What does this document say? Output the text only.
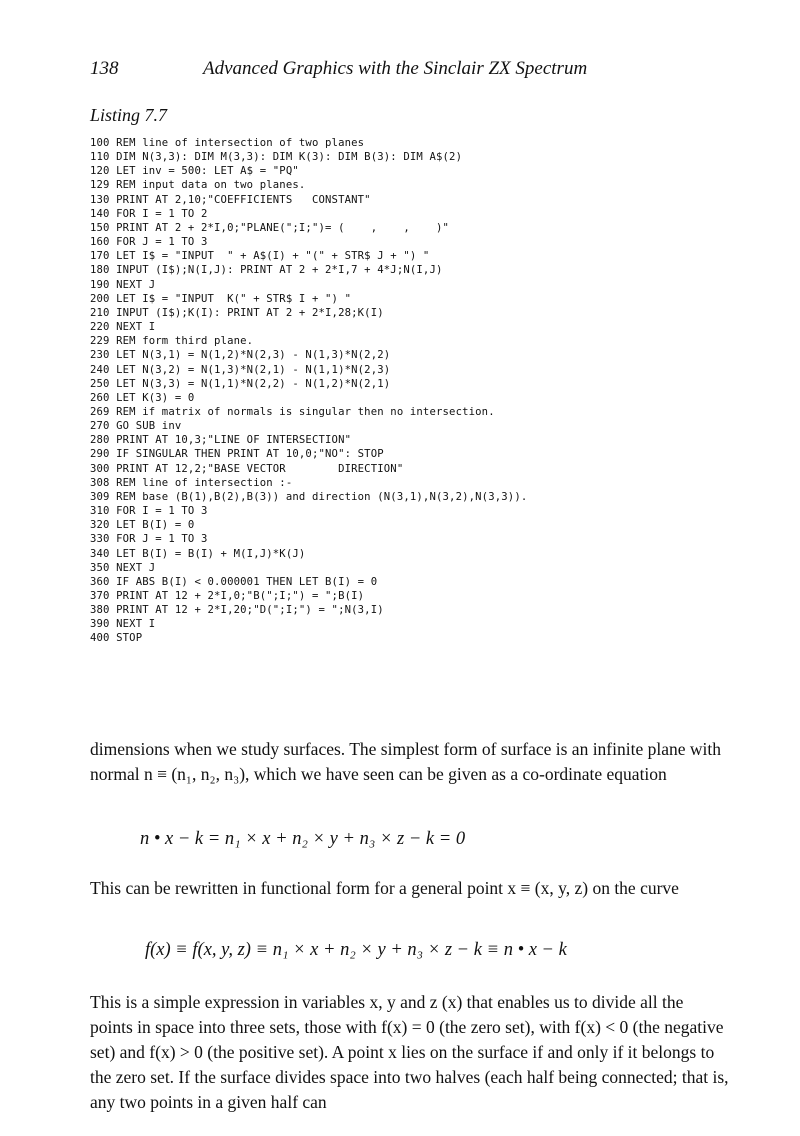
138	Advanced Graphics with the Sinclair ZX Spectrum
Listing 7.7
100 REM line of intersection of two planes
110 DIM N(3,3): DIM M(3,3): DIM K(3): DIM B(3): DIM A$(2)
120 LET inv = 500: LET A$ = "PQ"
129 REM input data on two planes.
130 PRINT AT 2,10;"COEFFICIENTS   CONSTANT"
140 FOR I = 1 TO 2
150 PRINT AT 2 + 2*I,0;"PLANE(";I;")= (    ,    ,    )"
160 FOR J = 1 TO 3
170 LET I$ = "INPUT  " + A$(I) + "(" + STR$ J + ") "
180 INPUT (I$);N(I,J): PRINT AT 2 + 2*I,7 + 4*J;N(I,J)
190 NEXT J
200 LET I$ = "INPUT  K(" + STR$ I + ") "
210 INPUT (I$);K(I): PRINT AT 2 + 2*I,28;K(I)
220 NEXT I
229 REM form third plane.
230 LET N(3,1) = N(1,2)*N(2,3) - N(1,3)*N(2,2)
240 LET N(3,2) = N(1,3)*N(2,1) - N(1,1)*N(2,3)
250 LET N(3,3) = N(1,1)*N(2,2) - N(1,2)*N(2,1)
260 LET K(3) = 0
269 REM if matrix of normals is singular then no intersection.
270 GO SUB inv
280 PRINT AT 10,3;"LINE OF INTERSECTION"
290 IF SINGULAR THEN PRINT AT 10,0;"NO": STOP
300 PRINT AT 12,2;"BASE VECTOR        DIRECTION"
308 REM line of intersection :-
309 REM base (B(1),B(2),B(3)) and direction (N(3,1),N(3,2),N(3,3)).
310 FOR I = 1 TO 3
320 LET B(I) = 0
330 FOR J = 1 TO 3
340 LET B(I) = B(I) + M(I,J)*K(J)
350 NEXT J
360 IF ABS B(I) < 0.000001 THEN LET B(I) = 0
370 PRINT AT 12 + 2*I,0;"B(";I;") = ";B(I)
380 PRINT AT 12 + 2*I,20;"D(";I;") = ";N(3,I)
390 NEXT I
400 STOP

dimensions when we study surfaces. The simplest form of surface is an infinite plane with normal n ≡ (n₁, n₂, n₃), which we have seen can be given as a co-ordinate equation

n • x − k = n₁ × x + n₂ × y + n₃ × z − k = 0

This can be rewritten in functional form for a general point x ≡ (x, y, z) on the curve

f(x) ≡ f(x, y, z) ≡ n₁ × x + n₂ × y + n₃ × z − k ≡ n • x − k

This is a simple expression in variables x, y and z (x) that enables us to divide all the points in space into three sets, those with f(x) = 0 (the zero set), with f(x) < 0 (the negative set) and f(x) > 0 (the positive set). A point x lies on the surface if and only if it belongs to the zero set. If the surface divides space into two halves (each half being connected; that is, any two points in a given half can
